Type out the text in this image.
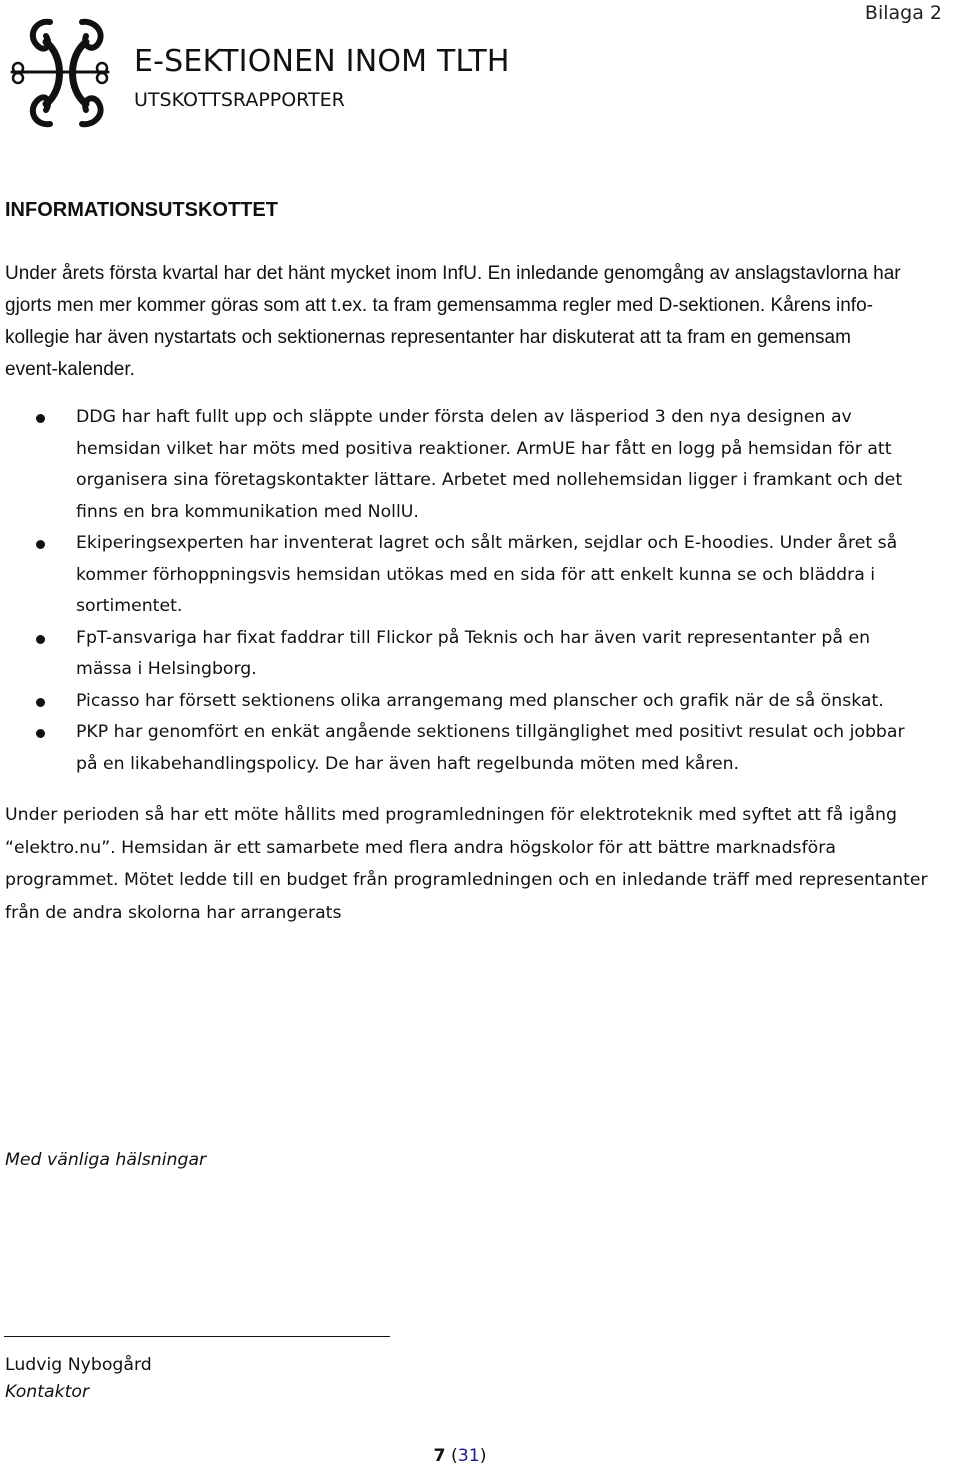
Bilaga 2
E-SEKTIONEN INOM TLTH
UTSKOTTSRAPPORTER
INFORMATIONSUTSKOTTET

Under årets första kvartal har det hänt mycket inom InfU. En inledande genomgång av anslagstavlorna har gjorts men mer kommer göras som att t.ex. ta fram gemensamma regler med D-sektionen. Kårens info-kollegie har även nystartats och sektionernas representanter har diskuterat att ta fram en gemensam event-kalender.

DDG har haft fullt upp och släppte under första delen av läsperiod 3 den nya designen av hemsidan vilket har möts med positiva reaktioner. ArmUE har fått en logg på hemsidan för att organisera sina företagskontakter lättare. Arbetet med nollehemsidan ligger i framkant och det finns en bra kommunikation med NollU.
Ekiperingsexperten har inventerat lagret och sålt märken, sejdlar och E-hoodies. Under året så kommer förhoppningsvis hemsidan utökas med en sida för att enkelt kunna se och bläddra i sortimentet.
FpT-ansvariga har fixat faddrar till Flickor på Teknis och har även varit representanter på en mässa i Helsingborg.
Picasso har försett sektionens olika arrangemang med planscher och grafik när de så önskat.
PKP har genomfört en enkät angående sektionens tillgänglighet med positivt resulat och jobbar på en likabehandlingspolicy. De har även haft regelbunda möten med kåren.

Under perioden så har ett möte hållits med programledningen för elektroteknik med syftet att få igång “elektro.nu”. Hemsidan är ett samarbete med flera andra högskolor för att bättre marknadsföra programmet. Mötet ledde till en budget från programledningen och en inledande träff med representanter från de andra skolorna har arrangerats

Med vänliga hälsningar
Ludvig Nybogård
Kontaktor
7 (31)
